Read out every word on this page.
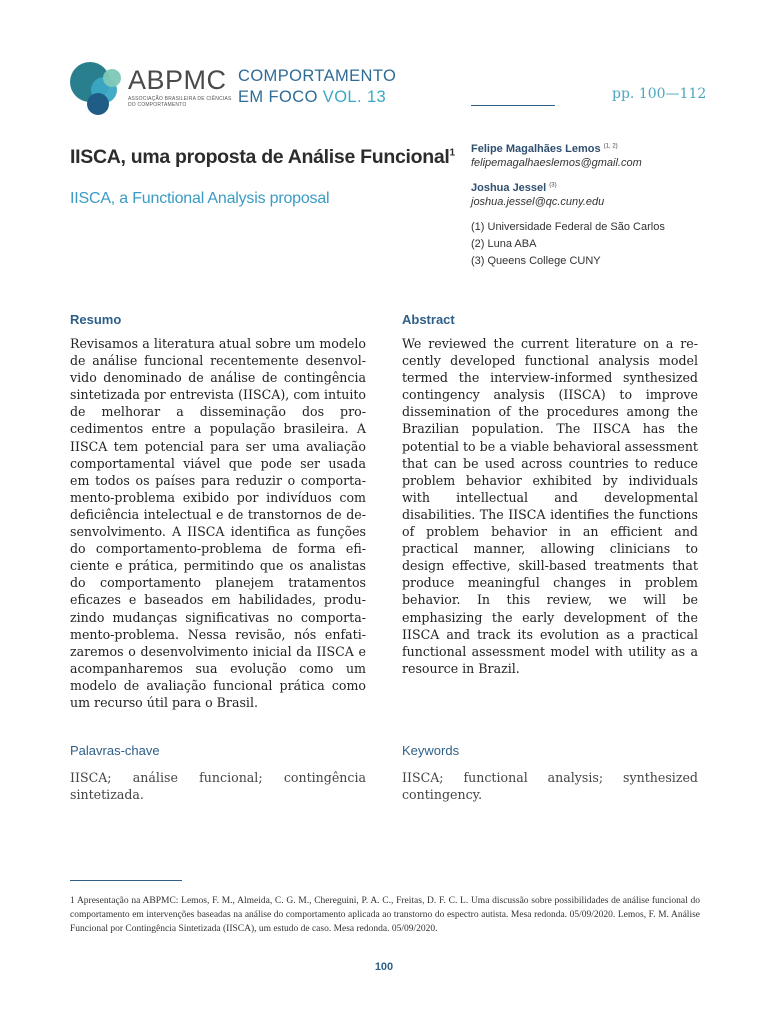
ABPMC
ASSOCIAÇÃO BRASILEIRA DE CIÊNCIAS DO COMPORTAMENTO
COMPORTAMENTO
EM FOCO VOL. 13	pp. 100—112
IISCA, uma proposta de Análise Funcional$^1$
IISCA, a Functional Analysis proposal
Felipe Magalhães Lemos $^{(1, 2)}$
felipemagalhaeslemos@gmail.com
Joshua Jessel $^{(3)}$
joshua.jessel@qc.cuny.edu
(1) Universidade Federal de São Carlos
(2) Luna ABA
(3) Queens College CUNY
Resumo
Revisamos a literatura atual sobre um modelo de análise funcional recentemente desenvolvido denominado de análise de contingência sintetizada por entrevista (IISCA), com intuito de melhorar a disseminação dos procedimentos entre a população brasileira. A IISCA tem potencial para ser uma avaliação comportamental viável que pode ser usada em todos os países para reduzir o comportamento-problema exibido por indivíduos com deficiência intelectual e de transtornos de desenvolvimento. A IISCA identifica as funções do comportamento-problema de forma eficiente e prática, permitindo que os analistas do comportamento planejem tratamentos eficazes e baseados em habilidades, produzindo mudanças significativas no comportamento-problema. Nessa revisão, nós enfatizaremos o desenvolvimento inicial da IISCA e acompanharemos sua evolução como um modelo de avaliação funcional prática como um recurso útil para o Brasil.
Abstract
We reviewed the current literature on a recently developed functional analysis model termed the interview-informed synthesized contingency analysis (IISCA) to improve dissemination of the procedures among the Brazilian population. The IISCA has the potential to be a viable behavioral assessment that can be used across countries to reduce problem behavior exhibited by individuals with intellectual and developmental disabilities. The IISCA identifies the functions of problem behavior in an efficient and practical manner, allowing clinicians to design effective, skill-based treatments that produce meaningful changes in problem behavior. In this review, we will be emphasizing the early development of the IISCA and track its evolution as a practical functional assessment model with utility as a resource in Brazil.
Palavras-chave
IISCA; análise funcional; contingência sintetizada.
Keywords
IISCA; functional analysis; synthesized contingency.
1 Apresentação na ABPMC: Lemos, F. M., Almeida, C. G. M., Chereguini, P. A. C., Freitas, D. F. C. L. Uma discussão sobre possibilidades de análise funcional do comportamento em intervenções baseadas na análise do comportamento aplicada ao transtorno do espectro autista. Mesa redonda. 05/09/2020. Lemos, F. M. Análise Funcional por Contingência Sintetizada (IISCA), um estudo de caso. Mesa redonda. 05/09/2020.
100
